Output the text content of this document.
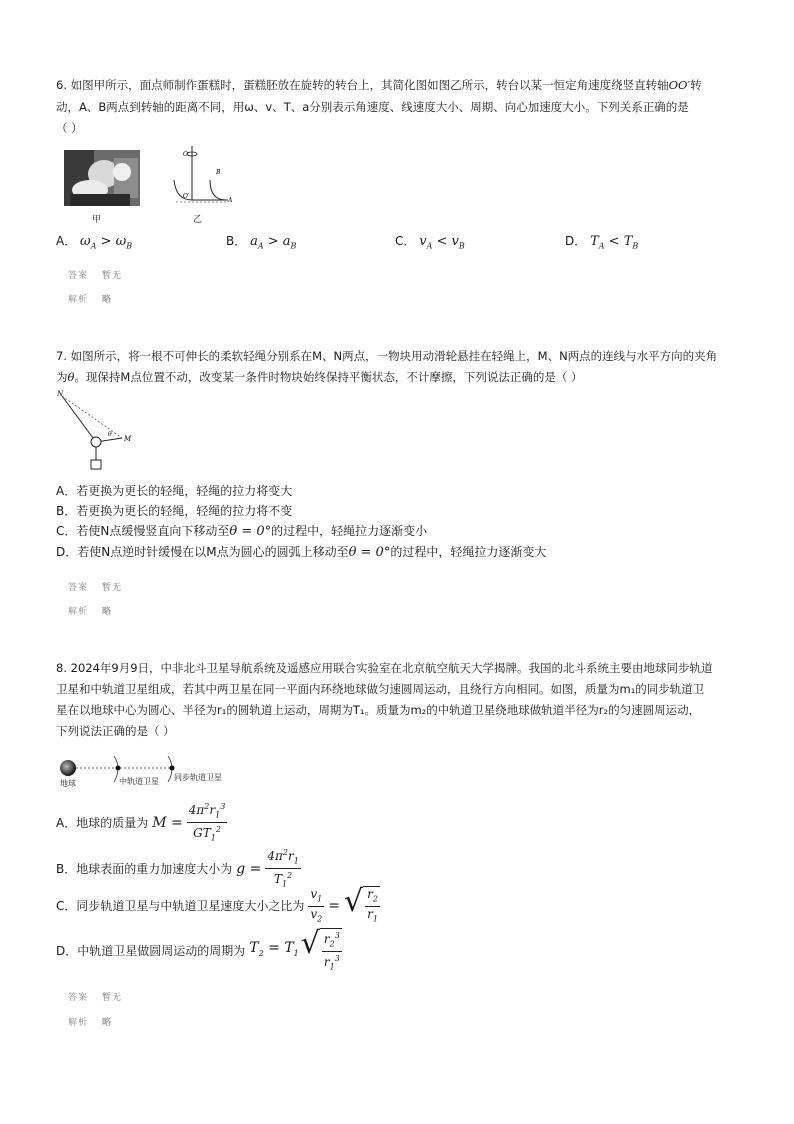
6. 如图甲所示，面点师制作蛋糕时，蛋糕胚放在旋转的转台上，其简化图如图乙所示，转台以某一恒定角速度绕竖直转轴OO′转
动，A、B两点到转轴的距离不同，用ω、v、T、a分别表示角速度、线速度大小、周期、向心加速度大小。下列关系正确的是
（ ）
甲
O
O′
B
A
乙
A． $\omega_A > \omega_B$	B． $a_A > a_B$	C． $v_A < v_B$	D． $T_A < T_B$
答案 暂无
解析 略
7. 如图所示，将一根不可伸长的柔软轻绳分别系在M、N两点，一物块用动滑轮悬挂在轻绳上，M、N两点的连线与水平方向的夹角
为θ。现保持M点位置不动，改变某一条件时物块始终保持平衡状态，不计摩擦，下列说法正确的是（ ）
N
M
θ
A．若更换为更长的轻绳，轻绳的拉力将变大
B．若更换为更长的轻绳，轻绳的拉力将不变
C．若使N点缓慢竖直向下移动至θ = 0°的过程中，轻绳拉力逐渐变小
D．若使N点逆时针缓慢在以M点为圆心的圆弧上移动至θ = 0°的过程中，轻绳拉力逐渐变大
答案 暂无
解析 略
8. 2024年9月9日，中非北斗卫星导航系统及遥感应用联合实验室在北京航空航天大学揭牌。我国的北斗系统主要由地球同步轨道
卫星和中轨道卫星组成，若其中两卫星在同一平面内环绕地球做匀速圆周运动，且绕行方向相同。如图，质量为m₁的同步轨道卫
星在以地球中心为圆心、半径为r₁的圆轨道上运动，周期为T₁。质量为m₂的中轨道卫星绕地球做轨道半径为r₂的匀速圆周运动，
下列说法正确的是（ ）
地球	中轨道卫星 同步轨道卫星
A．地球的质量为 $M = \frac{4\pi^2r_1^3}{GT_1^2}$
B．地球表面的重力加速度大小为 $g = \frac{4\pi^2r_1}{T_1^2}$
C．同步轨道卫星与中轨道卫星速度大小之比为 $\frac{v_1}{v_2}$ = √ $\frac{r_2}{r_1}$
D．中轨道卫星做圆周运动的周期为 $T_2 = T_1$ √ $\frac{r_2^3}{r_1^3}$
答案 暂无
解析 略
